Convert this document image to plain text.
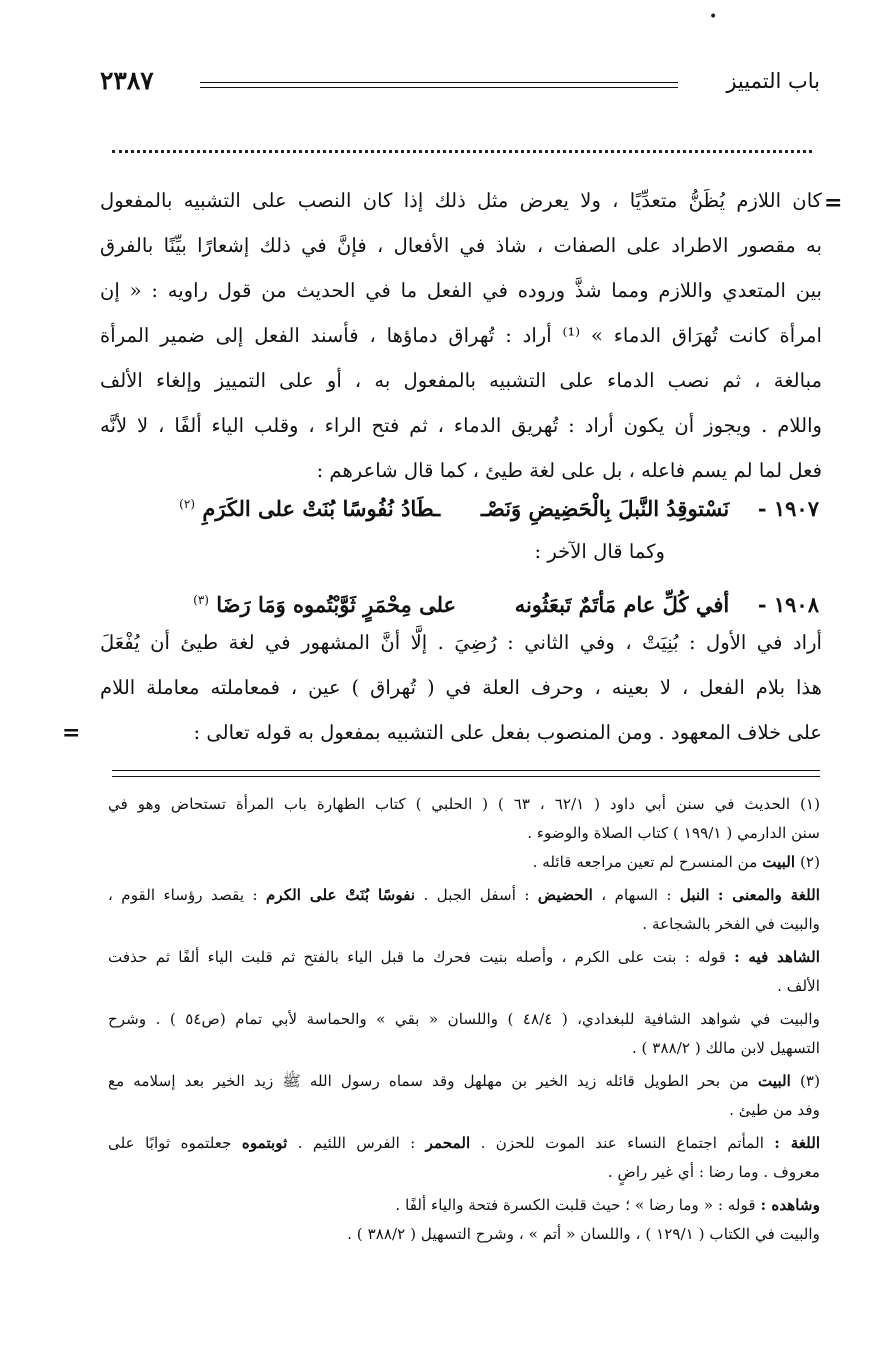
•
باب التمييز
٢٣٨٧
=
=
كان اللازم يُظَنُّ متعدِّيًا ، ولا يعرض مثل ذلك إذا كان النصب على التشبيه بالمفعول
به مقصور الاطراد على الصفات ، شاذ في الأفعال ، فإنَّ في ذلك إشعارًا بيِّنًا بالفرق
بين المتعدي واللازم ومما شذَّ وروده في الفعل ما في الحديث من قول راويه : « إن
امرأة كانت تُهرَاق الدماء » ⁽¹⁾ أراد : تُهراق دماؤها ، فأسند الفعل إلى ضمير المرأة
مبالغة ، ثم نصب الدماء على التشبيه بالمفعول به ، أو على التمييز وإلغاء الألف
واللام . ويجوز أن يكون أراد : تُهريق الدماء ، ثم فتح الراء ، وقلب الياء ألفًا ، لا لأنَّه
فعل لما لم يسم فاعله ، بل على لغة طيئ ، كما قال شاعرهم :
١٩٠٧ -  نَسْتوقِدُ النَّبلَ بِالْحَضِيضِ وَنَصْـ  ـطَادُ نُفُوسًا بُنَتْ على الكَرَمِ (٢)
وكما قال الآخر :
١٩٠٨ -  أفي كُلِّ عام مَأتَمٌ تَبعَثُونه  على مِحْمَرٍ ثَوَّبْتُموه وَمَا رَضَا (٣)
أراد في الأول : بُنِيَتْ ، وفي الثاني : رُضِيَ . إلَّا أنَّ المشهور في لغة طيئ أن يُفْعَلَ
هذا بلام الفعل ، لا بعينه ، وحرف العلة في ( تُهراق ) عين ، فمعاملته معاملة اللام
على خلاف المعهود . ومن المنصوب بفعل على التشبيه بمفعول به قوله تعالى :
(١) الحديث في سنن أبي داود ( ٦٢/١ ، ٦٣ ) ( الحلبي ) كتاب الطهارة باب المرأة تستحاض وهو في
سنن الدارمي ( ١٩٩/١ ) كتاب الصلاة والوضوء .
(٢) البيت من المنسرح لم تعين مراجعه قائله .
اللغة والمعنى : النبل : السهام ، الحضيض : أسفل الجبل . نفوسًا بُنَتْ على الكرم : يقصد رؤساء القوم ،
والبيت في الفخر بالشجاعة .
الشاهد فيه : قوله : بنت على الكرم ، وأصله بنيت فحرك ما قبل الياء بالفتح ثم قلبت الياء ألفًا ثم حذفت
الألف .
والبيت في شواهد الشافية للبغدادي، ( ٤٨/٤ ) واللسان « بقي » والحماسة لأبي تمام (ص٥٤ ) . وشرح
التسهيل لابن مالك ( ٣٨٨/٢ ) .
(٣) البيت من بحر الطويل قائله زيد الخير بن مهلهل وقد سماه رسول الله ﷺ زيد الخير بعد إسلامه مع
وفد من طيئ .
اللغة : المأتم اجتماع النساء عند الموت للحزن . المحمر : الفرس اللئيم . ثوبتموه جعلتموه ثوابًا على
معروف . وما رضا : أي غير راضٍ .
وشاهده : قوله : « وما رضا » ؛ حيث قلبت الكسرة فتحة والياء ألفًا .
والبيت في الكتاب ( ١٢٩/١ ) ، واللسان « أتم » ، وشرح التسهيل ( ٣٨٨/٢ ) .
